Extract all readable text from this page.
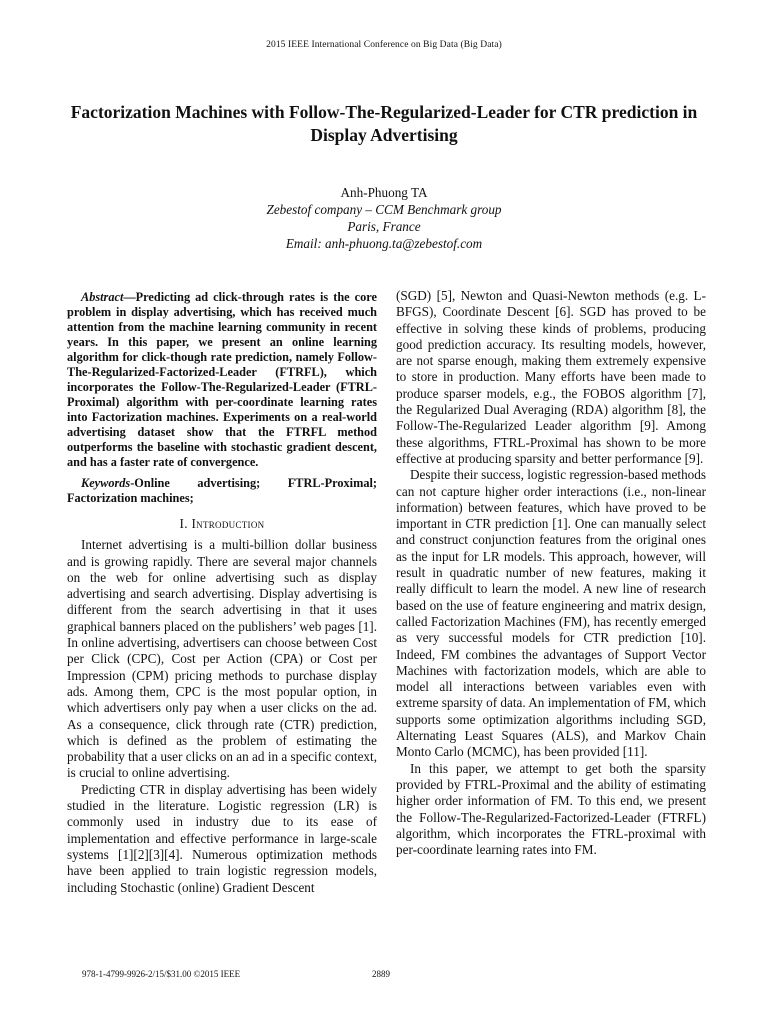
2015 IEEE International Conference on Big Data (Big Data)
Factorization Machines with Follow-The-Regularized-Leader for CTR prediction in Display Advertising
Anh-Phuong TA
Zebestof company – CCM Benchmark group
Paris, France
Email: anh-phuong.ta@zebestof.com

Abstract—Predicting ad click-through rates is the core problem in display advertising, which has received much attention from the machine learning community in recent years. In this paper, we present an online learning algorithm for click-though rate prediction, namely Follow-The-Regularized-Factorized-Leader (FTRFL), which incorporates the Follow-The-Regularized-Leader (FTRL-Proximal) algorithm with per-coordinate learning rates into Factorization machines. Experiments on a real-world advertising dataset show that the FTRFL method outperforms the baseline with stochastic gradient descent, and has a faster rate of convergence.

Keywords-Online advertising; FTRL-Proximal; Factorization machines;

I. Introduction

Internet advertising is a multi-billion dollar business and is growing rapidly. There are several major channels on the web for online advertising such as display advertising and search advertising. Display advertising is different from the search advertising in that it uses graphical banners placed on the publishers’ web pages [1]. In online advertising, advertisers can choose between Cost per Click (CPC), Cost per Action (CPA) or Cost per Impression (CPM) pricing methods to purchase display ads. Among them, CPC is the most popular option, in which advertisers only pay when a user clicks on the ad. As a consequence, click through rate (CTR) prediction, which is defined as the problem of estimating the probability that a user clicks on an ad in a specific context, is crucial to online advertising.

Predicting CTR in display advertising has been widely studied in the literature. Logistic regression (LR) is commonly used in industry due to its ease of implementation and effective performance in large-scale systems [1][2][3][4]. Numerous optimization methods have been applied to train logistic regression models, including Stochastic (online) Gradient Descent

(SGD) [5], Newton and Quasi-Newton methods (e.g. L-BFGS), Coordinate Descent [6]. SGD has proved to be effective in solving these kinds of problems, producing good prediction accuracy. Its resulting models, however, are not sparse enough, making them extremely expensive to store in production. Many efforts have been made to produce sparser models, e.g., the FOBOS algorithm [7], the Regularized Dual Averaging (RDA) algorithm [8], the Follow-The-Regularized Leader algorithm [9]. Among these algorithms, FTRL-Proximal has shown to be more effective at producing sparsity and better performance [9].

Despite their success, logistic regression-based methods can not capture higher order interactions (i.e., non-linear information) between features, which have proved to be important in CTR prediction [1]. One can manually select and construct conjunction features from the original ones as the input for LR models. This approach, however, will result in quadratic number of new features, making it really difficult to learn the model. A new line of research based on the use of feature engineering and matrix design, called Factorization Machines (FM), has recently emerged as very successful models for CTR prediction [10]. Indeed, FM combines the advantages of Support Vector Machines with factorization models, which are able to model all interactions between variables even with extreme sparsity of data. An implementation of FM, which supports some optimization algorithms including SGD, Alternating Least Squares (ALS), and Markov Chain Monto Carlo (MCMC), has been provided [11].

In this paper, we attempt to get both the sparsity provided by FTRL-Proximal and the ability of estimating higher order information of FM. To this end, we present the Follow-The-Regularized-Factorized-Leader (FTRFL) algorithm, which incorporates the FTRL-proximal with per-coordinate learning rates into FM.

978-1-4799-9926-2/15/$31.00 ©2015 IEEE	2889
